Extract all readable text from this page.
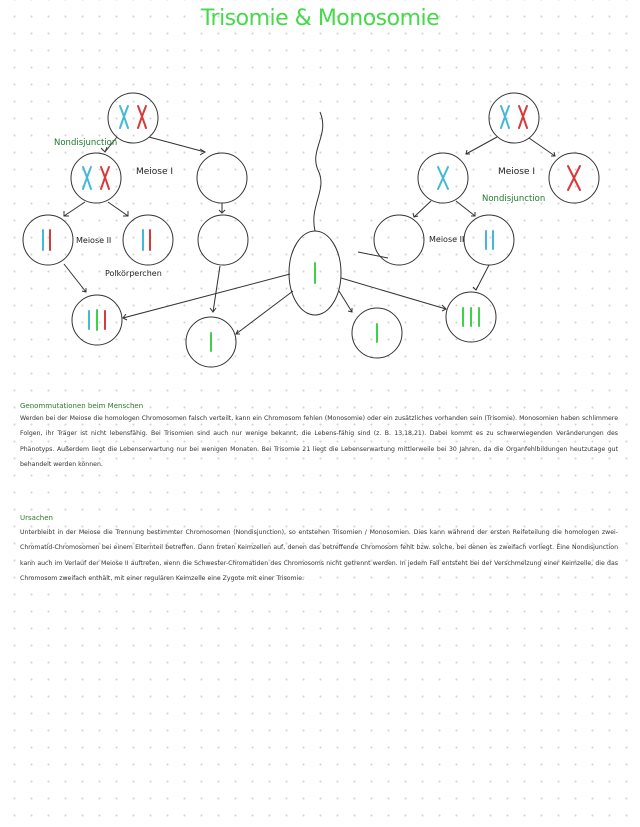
Trisomie & Monosomie
Nondisjunction
Meiose I
Meiose II
Polkörperchen
Meiose I
Nondisjunction
Meiose II
Genommutationen beim Menschen

Werden bei der Meiose die homologen Chromosomen falsch verteilt, kann ein Chromosom fehlen (Monosomie) oder ein zusätzliches vorhanden sein (Trisomie). Monosomien haben schlimmere Folgen, ihr Träger ist nicht lebensfähig. Bei Trisomien sind auch nur wenige bekannt, die Lebens-fähig sind (z. B. 13,18,21). Dabei kommt es zu schwerwiegenden Veränderungen des Phänotyps. Außerdem liegt die Lebenserwartung nur bei wenigen Monaten. Bei Trisomie 21 liegt die Lebenserwartung mittlerweile bei 30 Jahren, da die Organfehlbildungen heutzutage gut behandelt werden können.

Ursachen

Unterbleibt in der Meiose die Trennung bestimmter Chromosomen (Nondisjunction), so entstehen Trisomien / Monosomien. Dies kann während der ersten Reifeteilung die homologen zwei-Chromatid-Chromosomen bei einem Elternteil betreffen. Dann treten Keimzellen auf, denen das betreffende Chromosom fehlt bzw. solche, bei denen es zweifach vorliegt. Eine Nondisjunction kann auch im Verlauf der Meiose II auftreten, wenn die Schwester-Chromatiden des Chromosoms nicht getrennt werden. In jedem Fall entsteht bei der Verschmelzung einer Keimzelle, die das Chromosom zweifach enthält, mit einer regulären Keimzelle eine Zygote mit einer Trisomie.
